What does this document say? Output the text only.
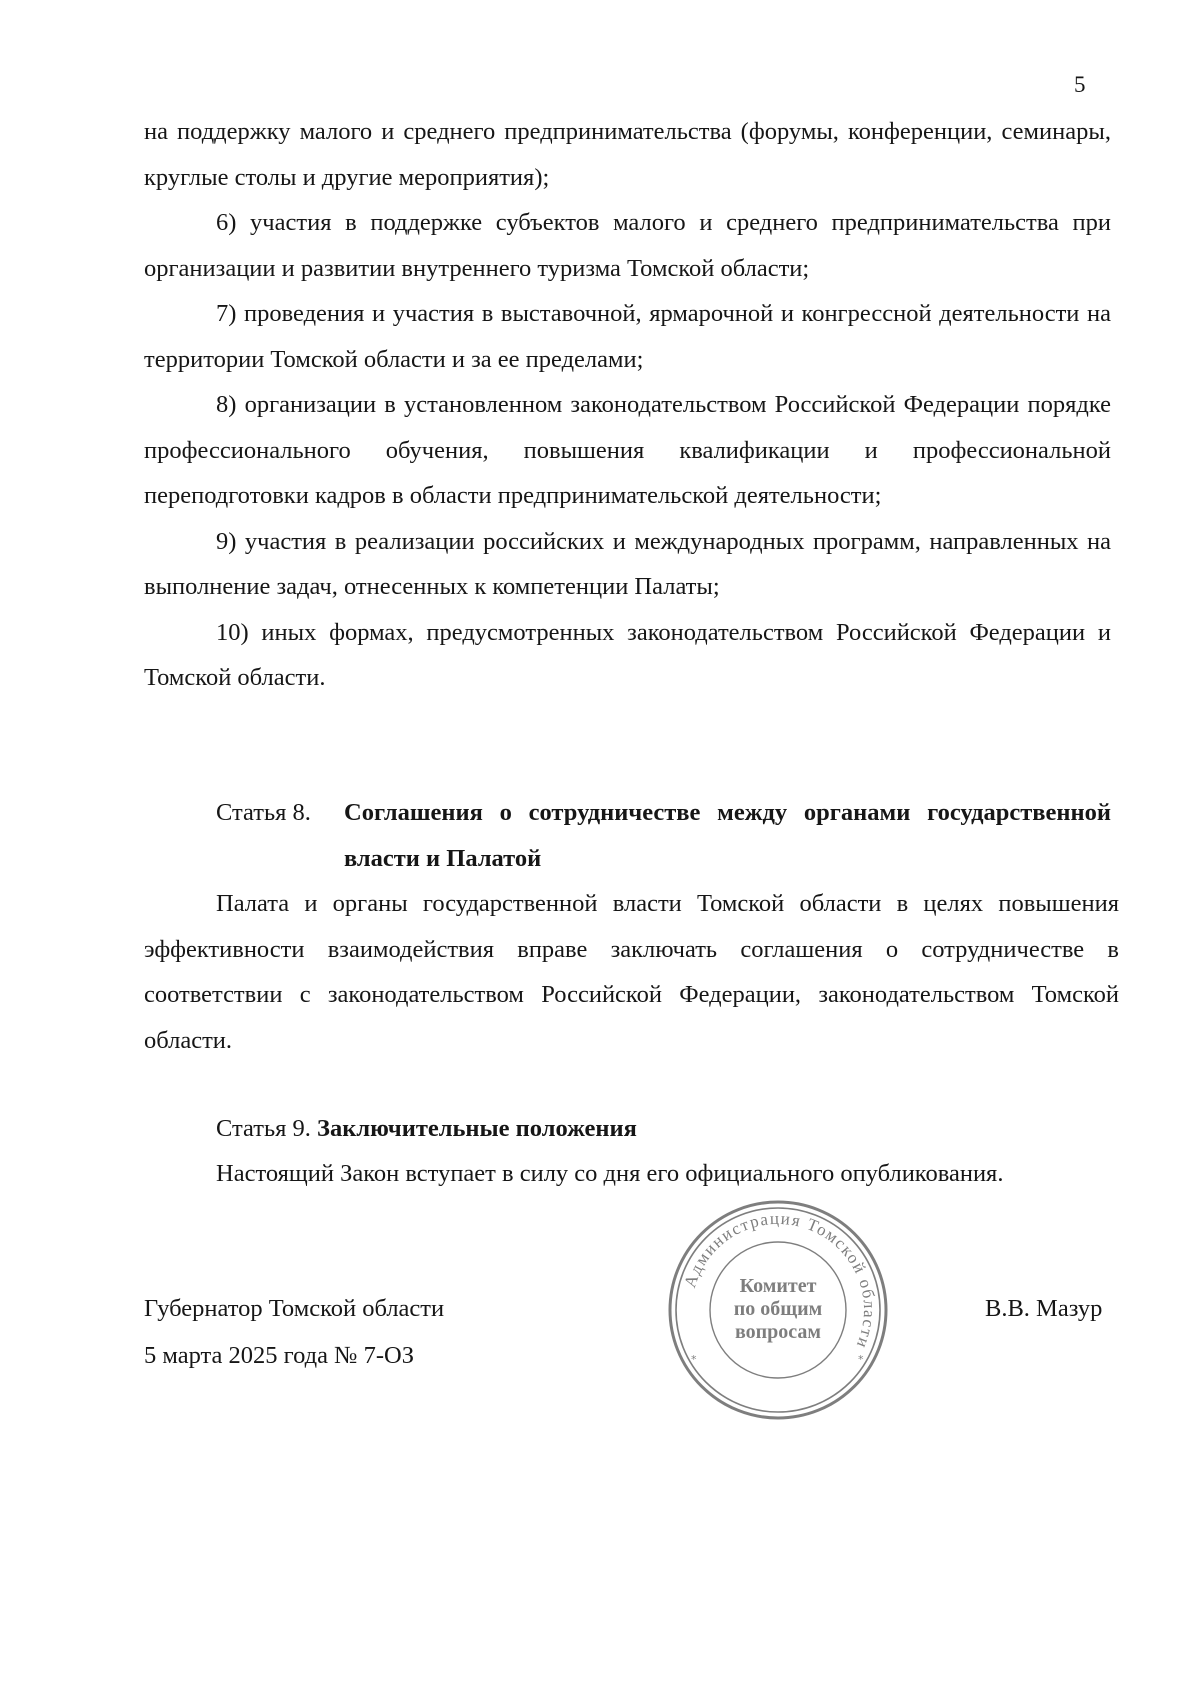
5

на поддержку малого и среднего предпринимательства (форумы, конференции, семинары, круглые столы и другие мероприятия);

6) участия в поддержке субъектов малого и среднего предпринимательства при организации и развитии внутреннего туризма Томской области;

7) проведения и участия в выставочной, ярмарочной и конгрессной деятельности на территории Томской области и за ее пределами;

8) организации в установленном законодательством Российской Федерации порядке профессионального обучения, повышения квалификации и профессиональной переподготовки кадров в области предпринимательской деятельности;

9) участия в реализации российских и международных программ, направленных на выполнение задач, отнесенных к компетенции Палаты;

10) иных формах, предусмотренных законодательством Российской Федерации и Томской области.

Статья 8. Соглашения о сотрудничестве между органами государственной власти и Палатой

Палата и органы государственной власти Томской области в целях повышения эффективности взаимодействия вправе заключать соглашения о сотрудничестве в соответствии с законодательством Российской Федерации, законодательством Томской области.

Статья 9. Заключительные положения

Настоящий Закон вступает в силу со дня его официального опубликования.

Губернатор Томской области
5 марта 2025 года № 7-ОЗ
В.В. Мазур
Администрация Томской области
*	*
Комитет
по общим
вопросам
